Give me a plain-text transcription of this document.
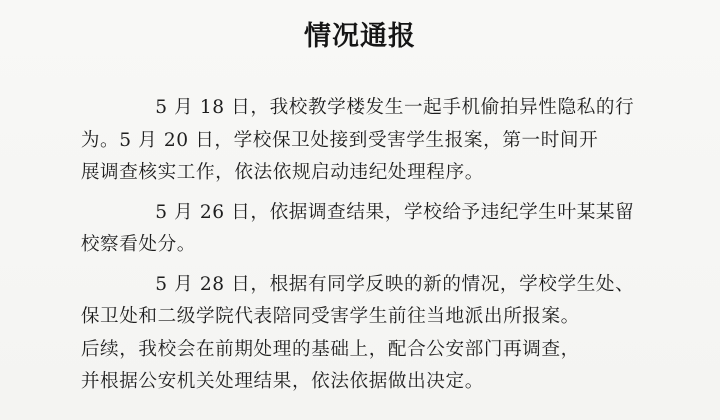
情况通报

5 月 18 日，我校教学楼发生一起手机偷拍异性隐私的行
为。5 月 20 日，学校保卫处接到受害学生报案，第一时间开
展调查核实工作，依法依规启动违纪处理程序。

5 月 26 日，依据调查结果，学校给予违纪学生叶某某留
校察看处分。

5 月 28 日，根据有同学反映的新的情况，学校学生处、
保卫处和二级学院代表陪同受害学生前往当地派出所报案。
后续，我校会在前期处理的基础上，配合公安部门再调查，
并根据公安机关处理结果，依法依据做出决定。
